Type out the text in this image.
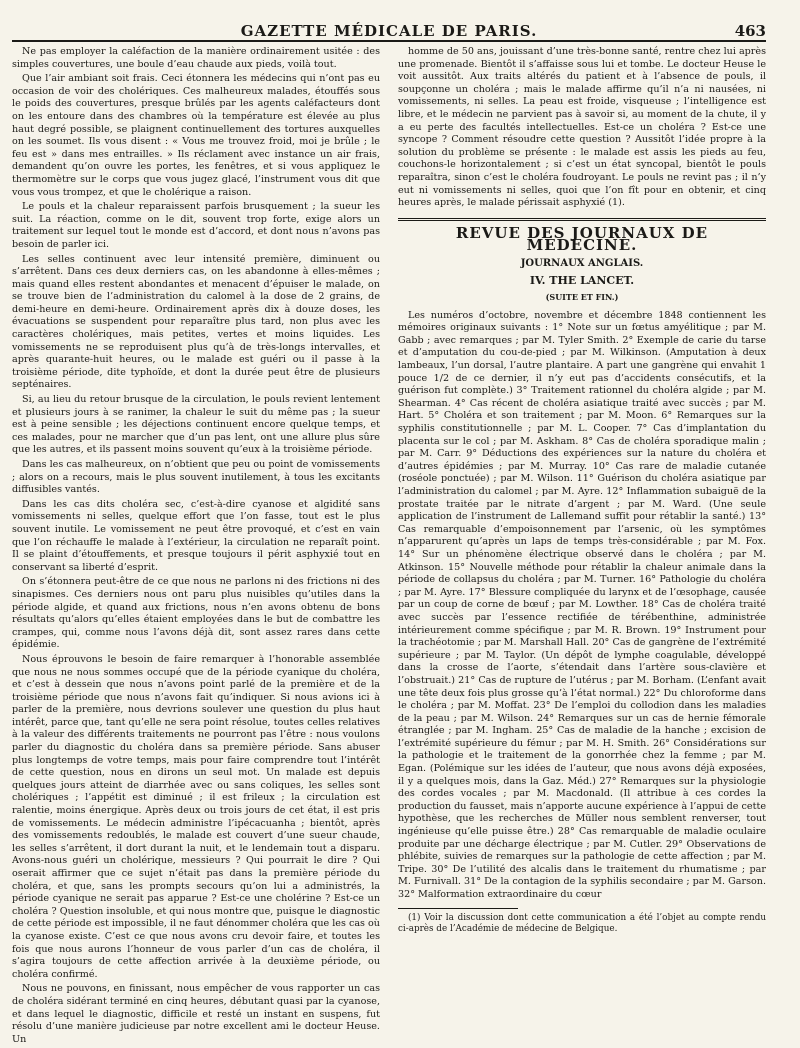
GAZETTE MÉDICALE DE PARIS.	463

Ne pas employer la caléfaction de la manière ordinairement usitée : des simples couvertures, une boule d’eau chaude aux pieds, voilà tout.

Que l’air ambiant soit frais. Ceci étonnera les médecins qui n’ont pas eu occasion de voir des cholériques. Ces malheureux malades, étouffés sous le poids des couvertures, presque brûlés par les agents caléfacteurs dont on les entoure dans des chambres où la température est élevée au plus haut degré possible, se plaignent continuellement des tortures auxquelles on les soumet. Ils vous disent : « Vous me trouvez froid, moi je brûle ; le feu est » dans mes entrailles. » Ils réclament avec instance un air frais, demandent qu’on ouvre les portes, les fenêtres, et si vous appliquez le thermomètre sur le corps que vous jugez glacé, l’instrument vous dit que vous vous trompez, et que le cholérique a raison.

Le pouls et la chaleur reparaissent parfois brusquement ; la sueur les suit. La réaction, comme on le dit, souvent trop forte, exige alors un traitement sur lequel tout le monde est d’accord, et dont nous n’avons pas besoin de parler ici.

Les selles continuent avec leur intensité première, diminuent ou s’arrêtent. Dans ces deux derniers cas, on les abandonne à elles-mêmes ; mais quand elles restent abondantes et menacent d’épuiser le malade, on se trouve bien de l’administration du calomel à la dose de 2 grains, de demi-heure en demi-heure. Ordinairement après dix à douze doses, les évacuations se suspendent pour reparaître plus tard, non plus avec les caractères cholériques, mais petites, vertes et moins liquides. Les vomissements ne se reproduisent plus qu’à de très-longs intervalles, et après quarante-huit heures, ou le malade est guéri ou il passe à la troisième période, dite typhoïde, et dont la durée peut être de plusieurs septénaires.

Si, au lieu du retour brusque de la circulation, le pouls revient lentement et plusieurs jours à se ranimer, la chaleur le suit du même pas ; la sueur est à peine sensible ; les déjections continuent encore quelque temps, et ces malades, pour ne marcher que d’un pas lent, ont une allure plus sûre que les autres, et ils passent moins souvent qu’eux à la troisième période.

Dans les cas malheureux, on n’obtient que peu ou point de vomissements ; alors on a recours, mais le plus souvent inutilement, à tous les excitants diffusibles vantés.

Dans les cas dits choléra sec, c’est-à-dire cyanose et algidité sans vomissements ni selles, quelque effort que l’on fasse, tout est le plus souvent inutile. Le vomissement ne peut être provoqué, et c’est en vain que l’on réchauffe le malade à l’extérieur, la circulation ne reparaît point. Il se plaint d’étouffements, et presque toujours il périt asphyxié tout en conservant sa liberté d’esprit.

On s’étonnera peut-être de ce que nous ne parlons ni des frictions ni des sinapismes. Ces derniers nous ont paru plus nuisibles qu’utiles dans la période algide, et quand aux frictions, nous n’en avons obtenu de bons résultats qu’alors qu’elles étaient employées dans le but de combattre les crampes, qui, comme nous l’avons déjà dit, sont assez rares dans cette épidémie.

Nous éprouvons le besoin de faire remarquer à l’honorable assemblée que nous ne nous sommes occupé que de la période cyanique du choléra, et c’est à dessein que nous n’avons point parlé de la première et de la troisième période que nous n’avons fait qu’indiquer. Si nous avions ici à parler de la première, nous devrions soulever une question du plus haut intérêt, parce que, tant qu’elle ne sera point résolue, toutes celles relatives à la valeur des différents traitements ne pourront pas l’être : nous voulons parler du diagnostic du choléra dans sa première période. Sans abuser plus longtemps de votre temps, mais pour faire comprendre tout l’intérêt de cette question, nous en dirons un seul mot. Un malade est depuis quelques jours atteint de diarrhée avec ou sans coliques, les selles sont cholériques ; l’appétit est diminué ; il est frileux ; la circulation est ralentie, moins énergique. Après deux ou trois jours de cet état, il est pris de vomissements. Le médecin administre l’ipécacuanha ; bientôt, après des vomissements redoublés, le malade est couvert d’une sueur chaude, les selles s’arrêtent, il dort durant la nuit, et le lendemain tout a disparu. Avons-nous guéri un cholérique, messieurs ? Qui pourrait le dire ? Qui oserait affirmer que ce sujet n’était pas dans la première période du choléra, et que, sans les prompts secours qu’on lui a administrés, la période cyanique ne serait pas apparue ? Est-ce une cholérine ? Est-ce un choléra ? Question insoluble, et qui nous montre que, puisque le diagnostic de cette période est impossible, il ne faut dénommer choléra que les cas où la cyanose existe. C’est ce que nous avons cru devoir faire, et toutes les fois que nous aurons l’honneur de vous parler d’un cas de choléra, il s’agira toujours de cette affection arrivée à la deuxième période, ou choléra confirmé.

Nous ne pouvons, en finissant, nous empêcher de vous rapporter un cas de choléra sidérant terminé en cinq heures, débutant quasi par la cyanose, et dans lequel le diagnostic, difficile et resté un instant en suspens, fut résolu d’une manière judicieuse par notre excellent ami le docteur Heuse. Un

homme de 50 ans, jouissant d’une très-bonne santé, rentre chez lui après une promenade. Bientôt il s’affaisse sous lui et tombe. Le docteur Heuse le voit aussitôt. Aux traits altérés du patient et à l’absence de pouls, il soupçonne un choléra ; mais le malade affirme qu’il n’a ni nausées, ni vomissements, ni selles. La peau est froide, visqueuse ; l’intelligence est libre, et le médecin ne parvient pas à savoir si, au moment de la chute, il y a eu perte des facultés intellectuelles. Est-ce un choléra ? Est-ce une syncope ? Comment résoudre cette question ? Aussitôt l’idée propre à la solution du problème se présente : le malade est assis les pieds au feu, couchons-le horizontalement ; si c’est un état syncopal, bientôt le pouls reparaîtra, sinon c’est le choléra foudroyant. Le pouls ne revint pas ; il n’y eut ni vomissements ni selles, quoi que l’on fît pour en obtenir, et cinq heures après, le malade périssait asphyxié (1).

REVUE DES JOURNAUX DE MÉDECINE.
JOURNAUX ANGLAIS.
IV. THE LANCET.
(SUITE ET FIN.)

Les numéros d’octobre, novembre et décembre 1848 contiennent les mémoires originaux suivants : 1° Note sur un fœtus amyélitique ; par M. Gabb ; avec remarques ; par M. Tyler Smith. 2° Exemple de carie du tarse et d’amputation du cou-de-pied ; par M. Wilkinson. (Amputation à deux lambeaux, l’un dorsal, l’autre plantaire. A part une gangrène qui envahit 1 pouce 1/2 de ce dernier, il n’y eut pas d’accidents consécutifs, et la guérison fut complète.) 3° Traitement rationnel du choléra algide ; par M. Shearman. 4° Cas récent de choléra asiatique traité avec succès ; par M. Hart. 5° Choléra et son traitement ; par M. Moon. 6° Remarques sur la syphilis constitutionnelle ; par M. L. Cooper. 7° Cas d’implantation du placenta sur le col ; par M. Askham. 8° Cas de choléra sporadique malin ; par M. Carr. 9° Déductions des expériences sur la nature du choléra et d’autres épidémies ; par M. Murray. 10° Cas rare de maladie cutanée (roséole ponctuée) ; par M. Wilson. 11° Guérison du choléra asiatique par l’administration du calomel ; par M. Ayre. 12° Inflammation subaiguë de la prostate traitée par le nitrate d’argent ; par M. Ward. (Une seule application de l’instrument de Lallemand suffit pour rétablir la santé.) 13° Cas remarquable d’empoisonnement par l’arsenic, où les symptômes n’apparurent qu’après un laps de temps très-considérable ; par M. Fox. 14° Sur un phénomène électrique observé dans le choléra ; par M. Atkinson. 15° Nouvelle méthode pour rétablir la chaleur animale dans la période de collapsus du choléra ; par M. Turner. 16° Pathologie du choléra ; par M. Ayre. 17° Blessure compliquée du larynx et de l’œsophage, causée par un coup de corne de bœuf ; par M. Lowther. 18° Cas de choléra traité avec succès par l’essence rectifiée de térébenthine, administrée intérieurement comme spécifique ; par M. R. Brown. 19° Instrument pour la trachéotomie ; par M. Marshall Hall. 20° Cas de gangrène de l’extrémité supérieure ; par M. Taylor. (Un dépôt de lymphe coagulable, développé dans la crosse de l’aorte, s’étendait dans l’artère sous-clavière et l’obstruait.) 21° Cas de rupture de l’utérus ; par M. Borham. (L’enfant avait une tête deux fois plus grosse qu’à l’état normal.) 22° Du chloroforme dans le choléra ; par M. Moffat. 23° De l’emploi du collodion dans les maladies de la peau ; par M. Wilson. 24° Remarques sur un cas de hernie fémorale étranglée ; par M. Ingham. 25° Cas de maladie de la hanche ; excision de l’extrémité supérieure du fémur ; par M. H. Smith. 26° Considérations sur la pathologie et le traitement de la gonorrhée chez la femme ; par M. Egan. (Polémique sur les idées de l’auteur, que nous avons déjà exposées, il y a quelques mois, dans la Gaz. Méd.) 27° Remarques sur la physiologie des cordes vocales ; par M. Macdonald. (Il attribue à ces cordes la production du fausset, mais n’apporte aucune expérience à l’appui de cette hypothèse, que les recherches de Müller nous semblent renverser, tout ingénieuse qu’elle puisse être.) 28° Cas remarquable de maladie oculaire produite par une décharge électrique ; par M. Cutler. 29° Observations de phlébite, suivies de remarques sur la pathologie de cette affection ; par M. Tripe. 30° De l’utilité des alcalis dans le traitement du rhumatisme ; par M. Furnivall. 31° De la contagion de la syphilis secondaire ; par M. Garson. 32° Malformation extraordinaire du cœur

(1) Voir la discussion dont cette communication a été l’objet au compte rendu ci-après de l’Académie de médecine de Belgique.
